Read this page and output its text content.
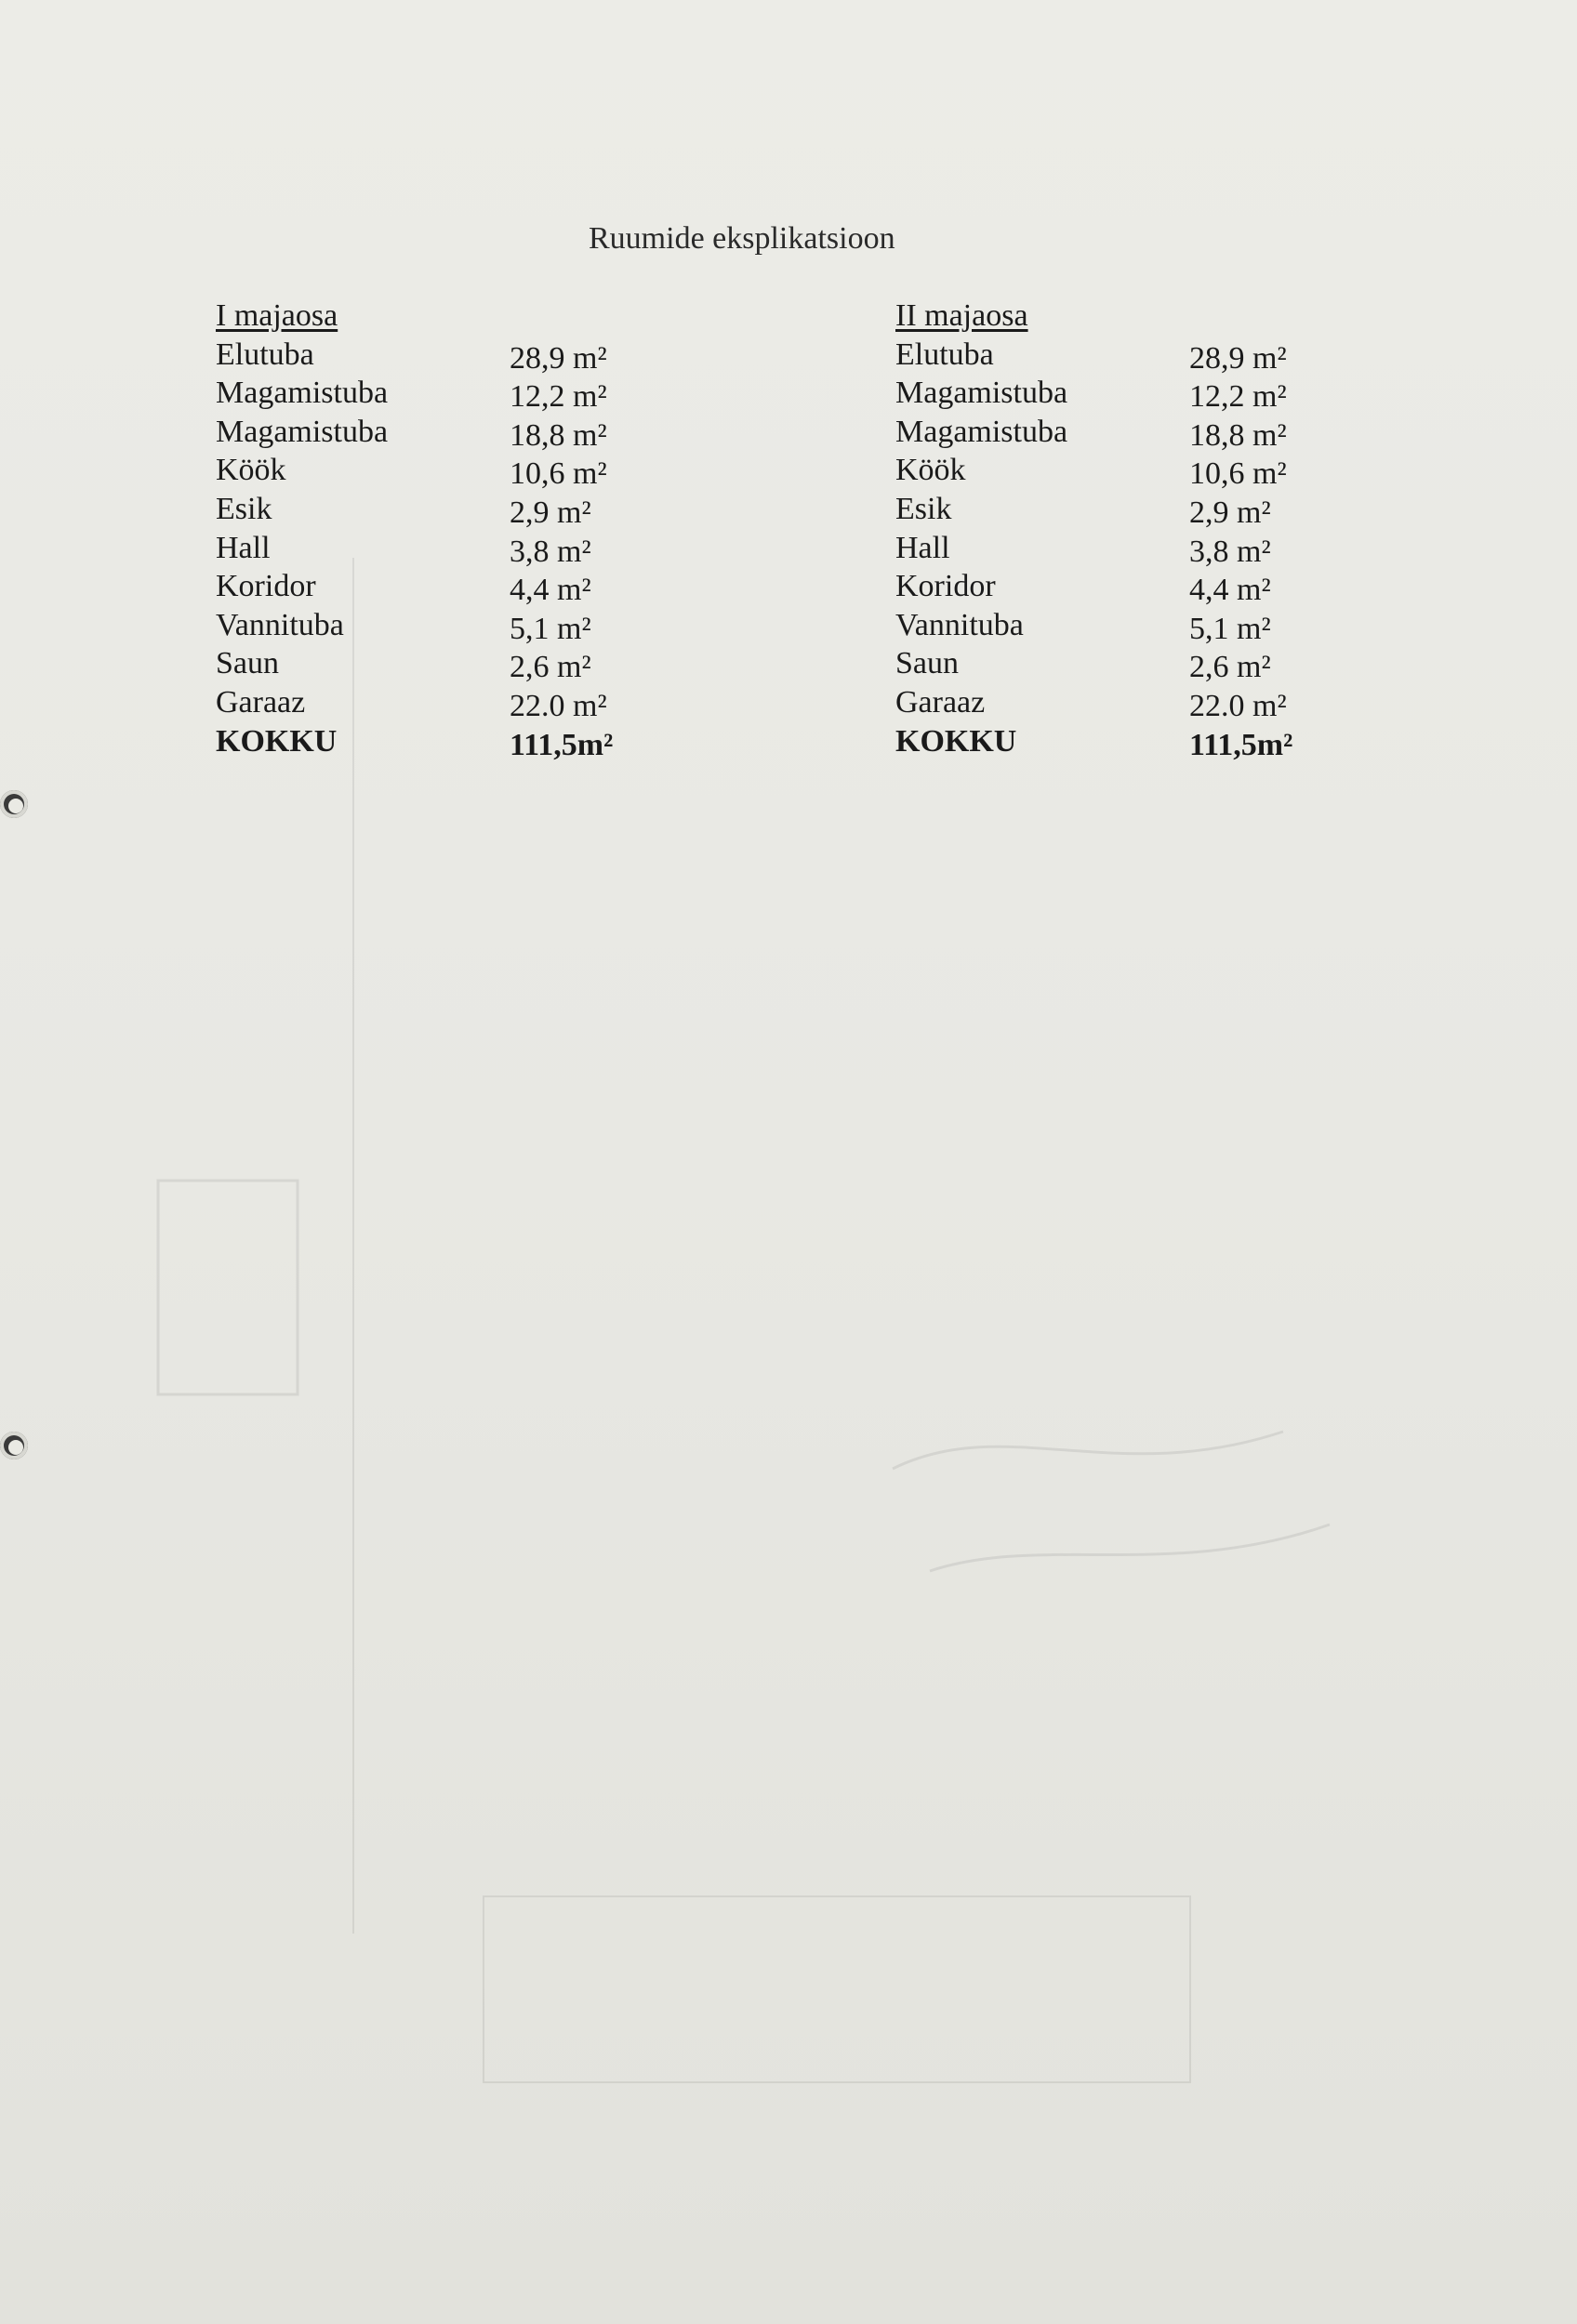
Ruumide eksplikatsioon
I majaosa
Elutuba	28,9 m²
Magamistuba	12,2 m²
Magamistuba	18,8 m²
Köök	10,6 m²
Esik	2,9 m²
Hall	3,8 m²
Koridor	4,4 m²
Vannituba	5,1 m²
Saun	2,6 m²
Garaaz	22.0 m²
KOKKU	111,5m²
II majaosa
Elutuba	28,9 m²
Magamistuba	12,2 m²
Magamistuba	18,8 m²
Köök	10,6 m²
Esik	2,9 m²
Hall	3,8 m²
Koridor	4,4 m²
Vannituba	5,1 m²
Saun	2,6 m²
Garaaz	22.0 m²
KOKKU	111,5m²
